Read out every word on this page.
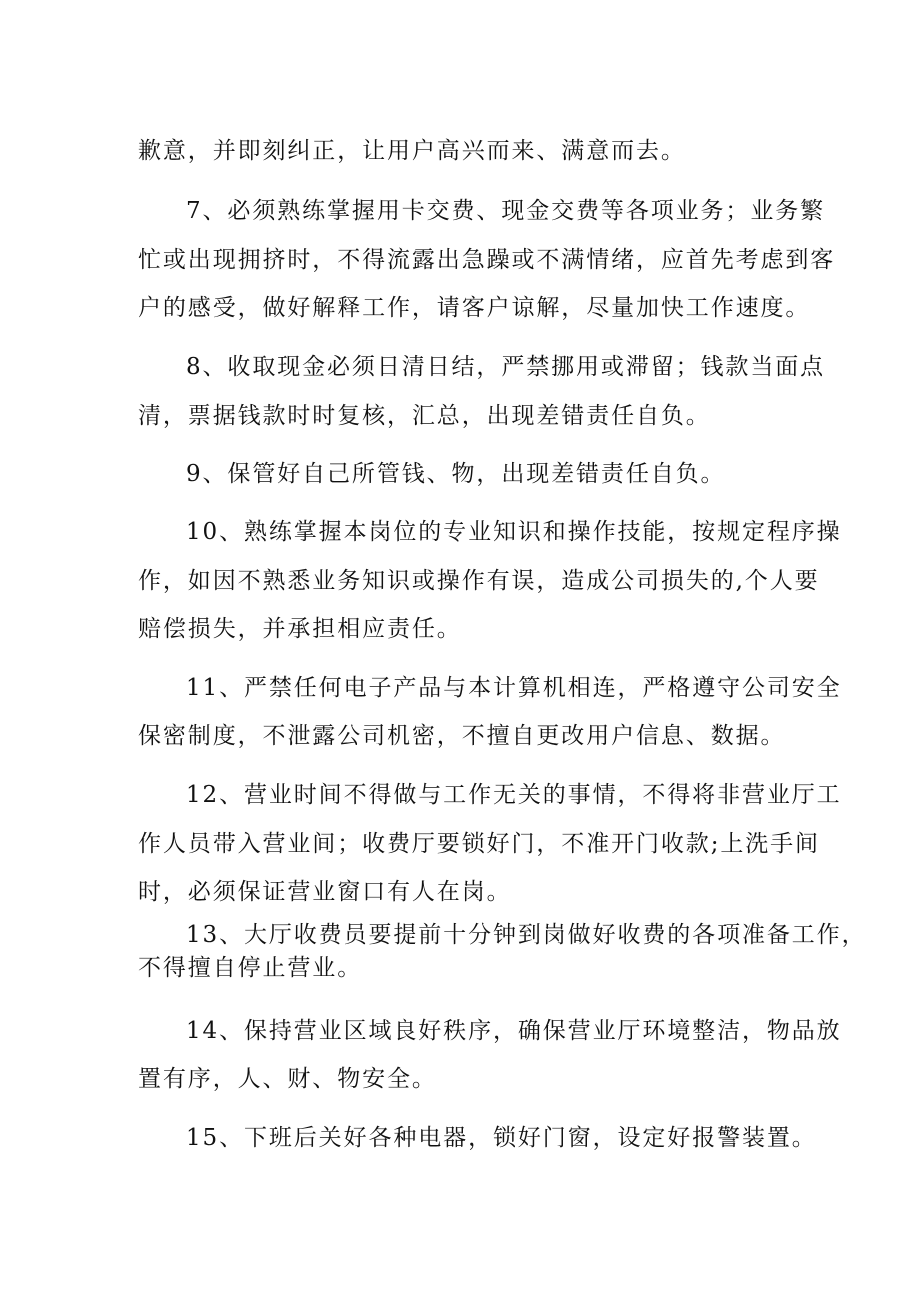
歉意，并即刻纠正，让用户高兴而来、满意而去。
7、必须熟练掌握用卡交费、现金交费等各项业务；业务繁
忙或出现拥挤时，不得流露出急躁或不满情绪，应首先考虑到客
户的感受，做好解释工作，请客户谅解，尽量加快工作速度。
8、收取现金必须日清日结，严禁挪用或滞留；钱款当面点
清，票据钱款时时复核，汇总，出现差错责任自负。
9、保管好自己所管钱、物，出现差错责任自负。
10、熟练掌握本岗位的专业知识和操作技能，按规定程序操
作，如因不熟悉业务知识或操作有误，造成公司损失的,个人要
赔偿损失，并承担相应责任。
11、严禁任何电子产品与本计算机相连，严格遵守公司安全
保密制度，不泄露公司机密，不擅自更改用户信息、数据。
12、营业时间不得做与工作无关的事情，不得将非营业厅工
作人员带入营业间；收费厅要锁好门，不准开门收款;上洗手间
时，必须保证营业窗口有人在岗。
13、大厅收费员要提前十分钟到岗做好收费的各项准备工作，
不得擅自停止营业。
14、保持营业区域良好秩序，确保营业厅环境整洁，物品放
置有序，人、财、物安全。
15、下班后关好各种电器，锁好门窗，设定好报警装置。
